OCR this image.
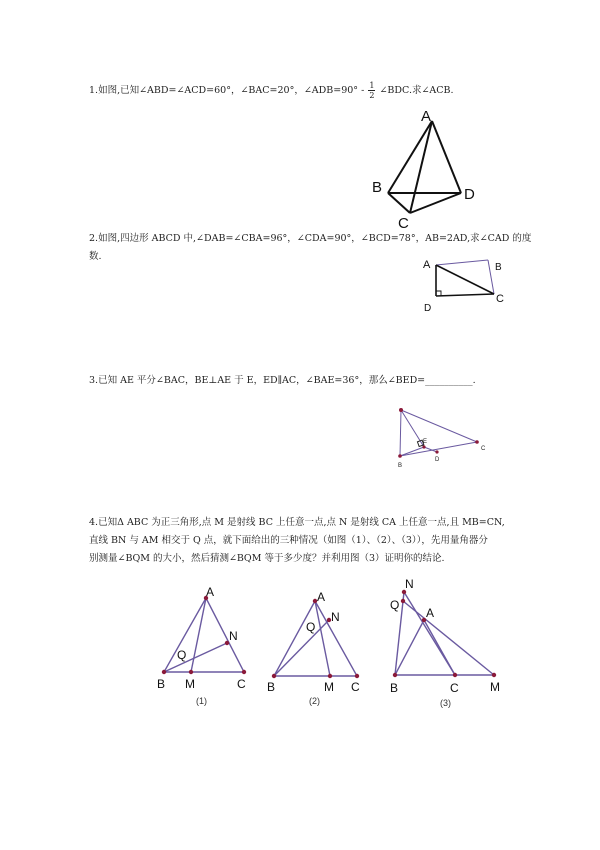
1.如图,已知∠ABD=∠ACD=60°，∠BAC=20°，∠ADB=90° - $\frac{1}{2}$ ∠BDC.求∠ACB.
2.如图,四边形 ABCD 中,∠DAB=∠CBA=96°，∠CDA=90°，∠BCD=78°，AB=2AD,求∠CAD 的度
数.
3.已知 AE 平分∠BAC，BE⊥AE 于 E，ED∥AC，∠BAE=36°，那么∠BED=__________.
4.已知Δ ABC 为正三角形,点 M 是射线 BC 上任意一点,点 N 是射线 CA 上任意一点,且 MB=CN,
直线 BN 与 AM 相交于 Q 点，就下面给出的三种情况（如图（1）、（2）、（3）），先用量角器分
别测量∠BQM 的大小，然后猜测∠BQM 等于多少度？并利用图（3）证明你的结论.
A
B
C
D
A	B
C
D
B
E
D
C
A
N
Q
B M	C
(1)
A
N
Q
B	M C
(2)
N
Q
A
B	C	M
(3)
